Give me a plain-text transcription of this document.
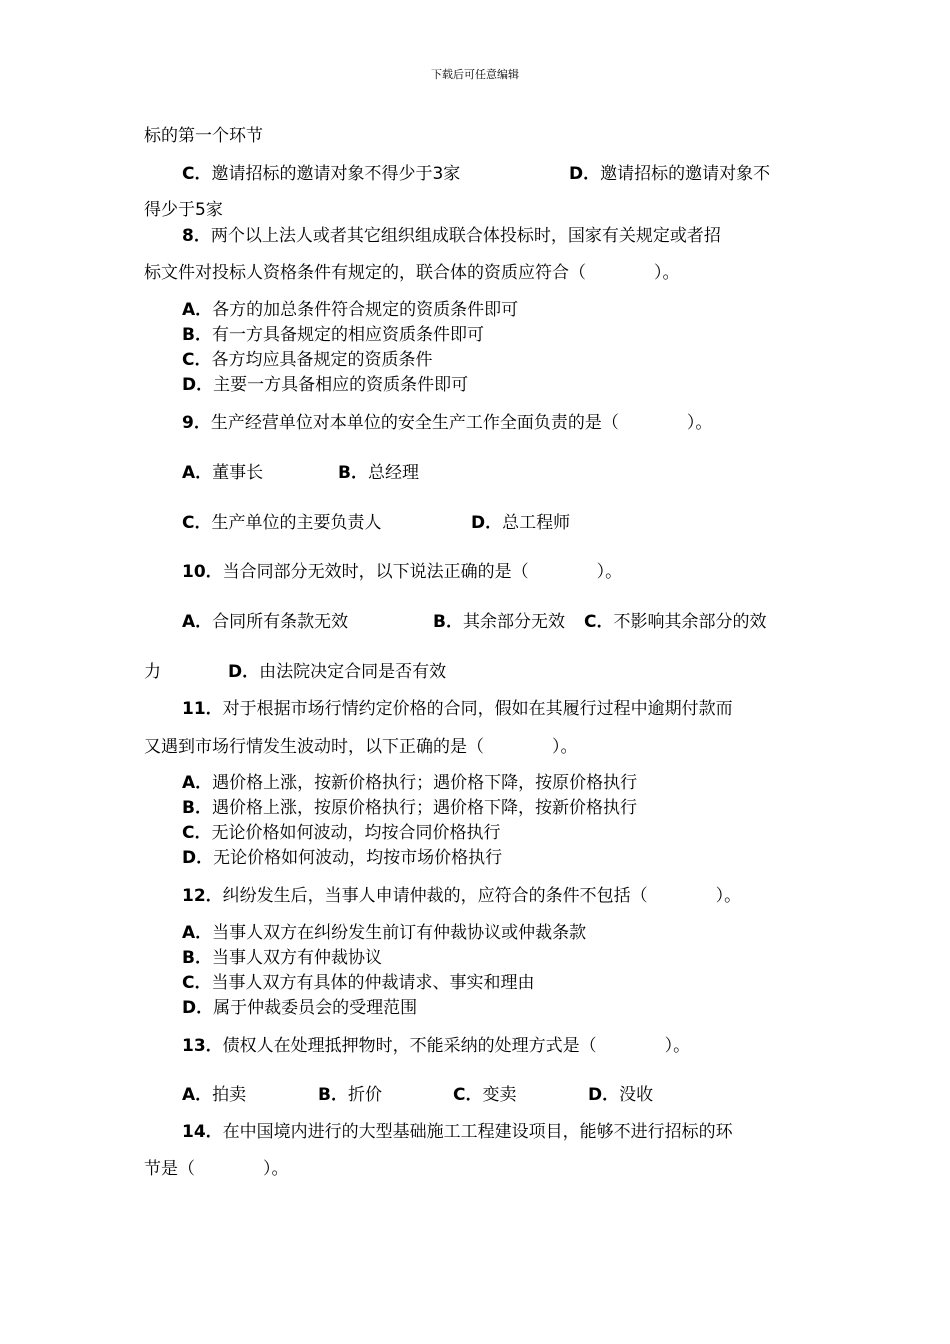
下载后可任意编辑
标的第一个环节
C．邀请招标的邀请对象不得少于3家	D．邀请招标的邀请对象不
得少于5家
8．两个以上法人或者其它组织组成联合体投标时，国家有关规定或者招
标文件对投标人资格条件有规定的，联合体的资质应符合（　　　　）。
A．各方的加总条件符合规定的资质条件即可
B．有一方具备规定的相应资质条件即可
C．各方均应具备规定的资质条件
D．主要一方具备相应的资质条件即可
9．生产经营单位对本单位的安全生产工作全面负责的是（　　　　）。
A．董事长	B．总经理
C．生产单位的主要负责人	D．总工程师
10．当合同部分无效时，以下说法正确的是（　　　　）。
A．合同所有条款无效	B．其余部分无效 C．不影响其余部分的效
力	D．由法院决定合同是否有效
11．对于根据市场行情约定价格的合同，假如在其履行过程中逾期付款而
又遇到市场行情发生波动时，以下正确的是（　　　　）。
A．遇价格上涨，按新价格执行；遇价格下降，按原价格执行
B．遇价格上涨，按原价格执行；遇价格下降，按新价格执行
C．无论价格如何波动，均按合同价格执行
D．无论价格如何波动，均按市场价格执行
12．纠纷发生后，当事人申请仲裁的，应符合的条件不包括（　　　　）。
A．当事人双方在纠纷发生前订有仲裁协议或仲裁条款
B．当事人双方有仲裁协议
C．当事人双方有具体的仲裁请求、事实和理由
D．属于仲裁委员会的受理范围
13．债权人在处理抵押物时，不能采纳的处理方式是（　　　　）。
A．拍卖	B．折价	C．变卖	D．没收
14．在中国境内进行的大型基础施工工程建设项目，能够不进行招标的环
节是（　　　　）。
